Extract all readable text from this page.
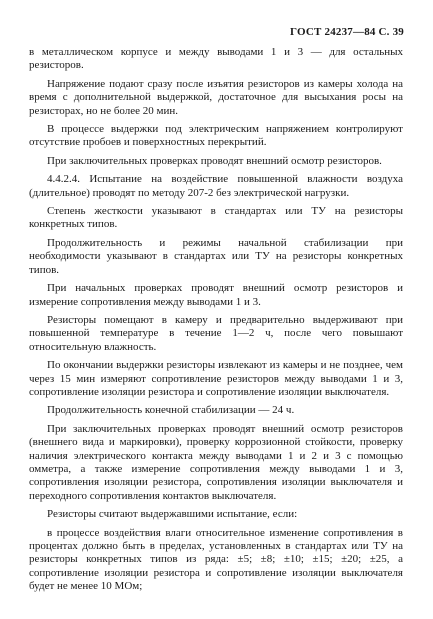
ГОСТ 24237—84 С. 39

в металлическом корпусе и между выводами 1 и 3 — для остальных резисторов.

Напряжение подают сразу после изъятия резисторов из камеры холода на время с дополнительной выдержкой, достаточное для высыхания росы на резисторах, но не более 20 мин.

В процессе выдержки под электрическим напряжением контролируют отсутствие пробоев и поверхностных перекрытий.

При заключительных проверках проводят внешний осмотр резисторов.

4.4.2.4. Испытание на воздействие повышенной влажности воздуха (длительное) проводят по методу 207-2 без электрической нагрузки.

Степень жесткости указывают в стандартах или ТУ на резисторы конкретных типов.

Продолжительность и режимы начальной стабилизации при необходимости указывают в стандартах или ТУ на резисторы конкретных типов.

При начальных проверках проводят внешний осмотр резисторов и измерение сопротивления между выводами 1 и 3.

Резисторы помещают в камеру и предварительно выдерживают при повышенной температуре в течение 1—2 ч, после чего повышают относительную влажность.

По окончании выдержки резисторы извлекают из камеры и не позднее, чем через 15 мин измеряют сопротивление резисторов между выводами 1 и 3, сопротивление изоляции резистора и сопротивление изоляции выключателя.

Продолжительность конечной стабилизации — 24 ч.

При заключительных проверках проводят внешний осмотр резисторов (внешнего вида и маркировки), проверку коррозионной стойкости, проверку наличия электрического контакта между выводами 1 и 2 и 3 с помощью омметра, а также измерение сопротивления между выводами 1 и 3, сопротивления изоляции резистора, сопротивления изоляции выключателя и переходного сопротивления контактов выключателя.

Резисторы считают выдержавшими испытание, если:

в процессе воздействия влаги относительное изменение сопротивления в процентах должно быть в пределах, установленных в стандартах или ТУ на резисторы конкретных типов из ряда: ±5; ±8; ±10; ±15; ±20; ±25, а сопротивление изоляции резистора и сопротивление изоляции выключателя будет не менее 10 МОм;
